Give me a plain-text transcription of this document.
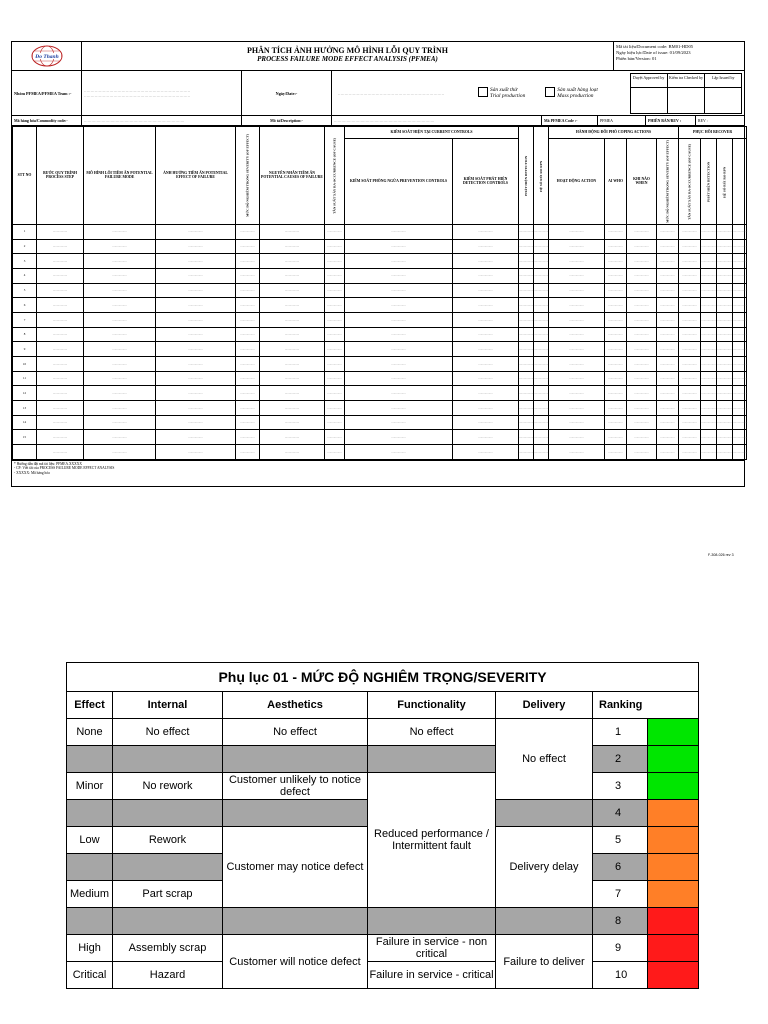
Đo Thanh
PHÂN TÍCH ẢNH HƯỞNG MÔ HÌNH LỖI QUY TRÌNH
PROCESS FAILURE MODE EFFECT ANALYSIS (PFMEA)
Mã tài liệu/Document code: BM01-HD05
Ngày hiệu lực/Date of issue: 01/09/2023
Phiên bản/Version: 01
Nhóm PFMEA/PFMEA Team :-	...............................................................................
...............................................................................	Ngày/Date:-	...............................................................................	Sản xuất thử
Trial production
Sản xuất hàng loạt
Mass production
Duyệt Approved by	Kiểm tra Checked by	Lập Issued by
Mã hàng hóa/Commodity code:-	...............................................................................	Mô tả/Description:-	...............................................................................	Mã PFMEA Code :-	PFMEA	PHIÊN BẢN/REV :	REV :
STT NO	BƯỚC QUY TRÌNH PROCESS STEP	MÔ HÌNH LỖI TIỀM ẨN POTENTIAL FAILURE MODE	ẢNH HƯỞNG TIỀM ẨN POTENTIAL EFFECT OF FAILURE	MỨC ĐỘ NGHIÊM TRỌNG SEVERITY (OF EFFECT)	NGUYÊN NHÂN TIỀM ẨN POTENTIAL CAUSES OF FAILURE	TẦN SUẤT XẢY RA OCCURRENCE (OF CAUSE)	KIỂM SOÁT HIỆN TẠI CURRENT CONTROLS		PHÁT HIỆN DETECTION	HỆ SỐ RỦI RO RPN	HÀNH ĐỘNG ĐỐI PHÓ COPING ACTIONS				PHỤC HỒI RECOVER			
							KIỂM SOÁT PHÒNG NGỪA PREVENTION CONTROLS	KIỂM SOÁT PHÁT HIỆN DETECTION CONTROLS			HOẠT ĐỘNG ACTION	AI WHO	KHI NÀO WHEN	MỨC ĐỘ NGHIÊM TRỌNG SEVERITY (OF EFFECT)	TẦN SUẤT XẢY RA OCCURRENCE (OF CAUSE)	PHÁT HIỆN DETECTION	HỆ SỐ RỦI RO RPN	
1	..................	..................	..................	..................	..................	..................	..................	..................	..................	..................	..................	..................	..................	..................	..................	..................	..................	..................
2	..................	..................	..................	..................	..................	..................	..................	..................	..................	..................	..................	..................	..................	..................	..................	..................	..................	..................
3	..................	..................	..................	..................	..................	..................	..................	..................	..................	..................	..................	..................	..................	..................	..................	..................	..................	..................
4	..................	..................	..................	..................	..................	..................	..................	..................	..................	..................	..................	..................	..................	..................	..................	..................	..................	..................
5	..................	..................	..................	..................	..................	..................	..................	..................	..................	..................	..................	..................	..................	..................	..................	..................	..................	..................
6	..................	..................	..................	..................	..................	..................	..................	..................	..................	..................	..................	..................	..................	..................	..................	..................	..................	..................
7	..................	..................	..................	..................	..................	..................	..................	..................	..................	..................	..................	..................	..................	..................	..................	..................	..................	..................
8	..................	..................	..................	..................	..................	..................	..................	..................	..................	..................	..................	..................	..................	..................	..................	..................	..................	..................
9	..................	..................	..................	..................	..................	..................	..................	..................	..................	..................	..................	..................	..................	..................	..................	..................	..................	..................
10	..................	..................	..................	..................	..................	..................	..................	..................	..................	..................	..................	..................	..................	..................	..................	..................	..................	..................
11	..................	..................	..................	..................	..................	..................	..................	..................	..................	..................	..................	..................	..................	..................	..................	..................	..................	..................
12	..................	..................	..................	..................	..................	..................	..................	..................	..................	..................	..................	..................	..................	..................	..................	..................	..................	..................
13	..................	..................	..................	..................	..................	..................	..................	..................	..................	..................	..................	..................	..................	..................	..................	..................	..................	..................
14	..................	..................	..................	..................	..................	..................	..................	..................	..................	..................	..................	..................	..................	..................	..................	..................	..................	..................
15	..................	..................	..................	..................	..................	..................	..................	..................	..................	..................	..................	..................	..................	..................	..................	..................	..................	..................
	..................	..................	..................	..................	..................	..................	..................	..................	..................	..................	..................	..................	..................	..................	..................	..................	..................	..................
* Hướng dẫn đặt mã tài liệu: PFMEA.XXXXX
- CP: Viết tắt của PROCESS FAILURE MODE EFFECT ANALYSIS
- XXXXX: Mã hàng hóa
F-308-026 rev 3
Phụ lục 01 - MỨC ĐỘ NGHIÊM TRỌNG/SEVERITY						
Effect	Internal	Aesthetics	Functionality	Delivery	Ranking	
None	No effect	No effect	No effect	No effect	1	
					2	
Minor	No rework	Customer unlikely to notice defect	Reduced performance / Intermittent fault		3	
					4	
Low	Rework	Customer may notice defect		Delivery delay	5	
					6	
Medium	Part scrap				7	
					8	
High	Assembly scrap	Customer will notice defect	Failure in service - non critical	Failure to deliver	9	
Critical	Hazard		Failure in service - critical		10	
